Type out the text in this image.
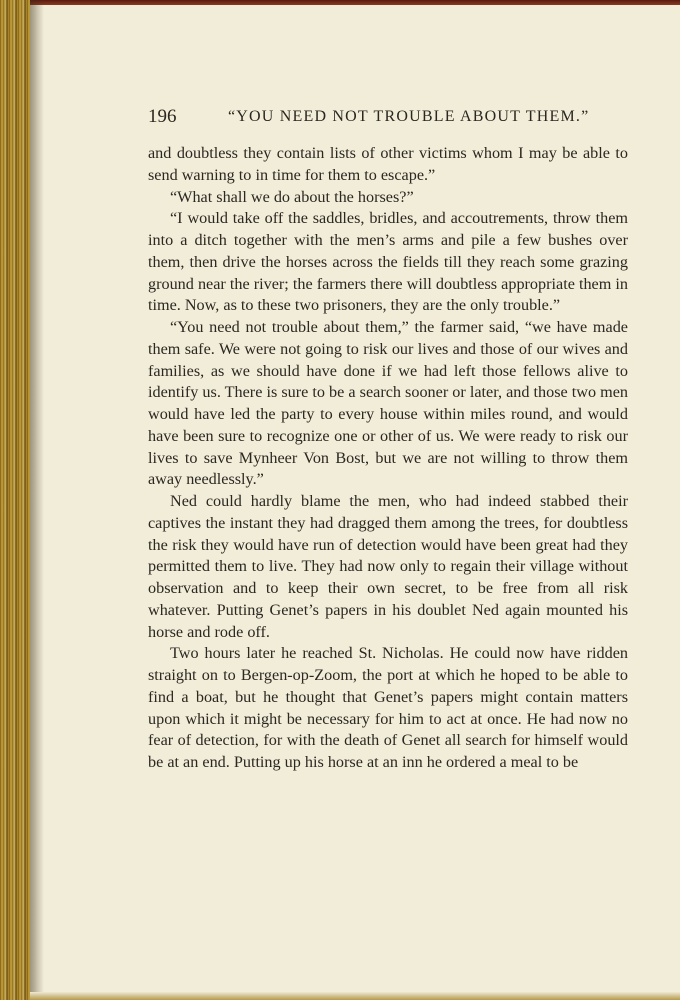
196	“YOU NEED NOT TROUBLE ABOUT THEM.”

and doubtless they contain lists of other victims whom I may be able to send warning to in time for them to escape.”

“What shall we do about the horses?”

“I would take off the saddles, bridles, and accoutrements, throw them into a ditch together with the men’s arms and pile a few bushes over them, then drive the horses across the fields till they reach some grazing ground near the river; the farmers there will doubtless appropriate them in time. Now, as to these two prisoners, they are the only trouble.”

“You need not trouble about them,” the farmer said, “we have made them safe. We were not going to risk our lives and those of our wives and families, as we should have done if we had left those fellows alive to identify us. There is sure to be a search sooner or later, and those two men would have led the party to every house within miles round, and would have been sure to recognize one or other of us. We were ready to risk our lives to save Mynheer Von Bost, but we are not willing to throw them away needlessly.”

Ned could hardly blame the men, who had indeed stabbed their captives the instant they had dragged them among the trees, for doubtless the risk they would have run of detection would have been great had they permitted them to live. They had now only to regain their village without observation and to keep their own secret, to be free from all risk whatever. Putting Genet’s papers in his doublet Ned again mounted his horse and rode off.

Two hours later he reached St. Nicholas. He could now have ridden straight on to Bergen-op-Zoom, the port at which he hoped to be able to find a boat, but he thought that Genet’s papers might contain matters upon which it might be necessary for him to act at once. He had now no fear of detection, for with the death of Genet all search for himself would be at an end. Putting up his horse at an inn he ordered a meal to be
